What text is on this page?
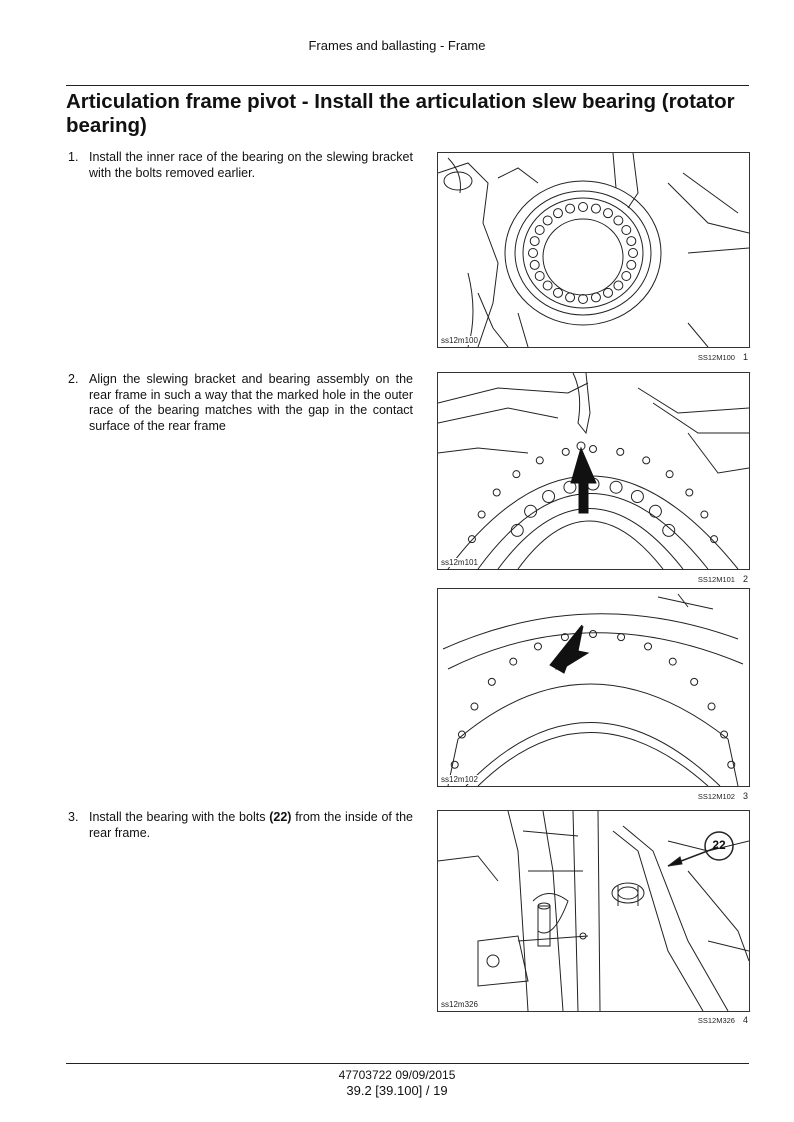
Frames and ballasting - Frame
Articulation frame pivot - Install the articulation slew bearing (rotator bearing)
1. Install the inner race of the bearing on the slewing bracket with the bolts removed earlier.
2. Align the slewing bracket and bearing assembly on the rear frame in such a way that the marked hole in the outer race of the bearing matches with the gap in the contact surface of the rear frame
3. Install the bearing with the bolts (22) from the inside of the rear frame.
ss12m100
SS12M100 1
ss12m101
SS12M101 2
ss12m102
SS12M102 3
22
ss12m326
SS12M326 4
47703722 09/09/2015
39.2 [39.100] / 19
